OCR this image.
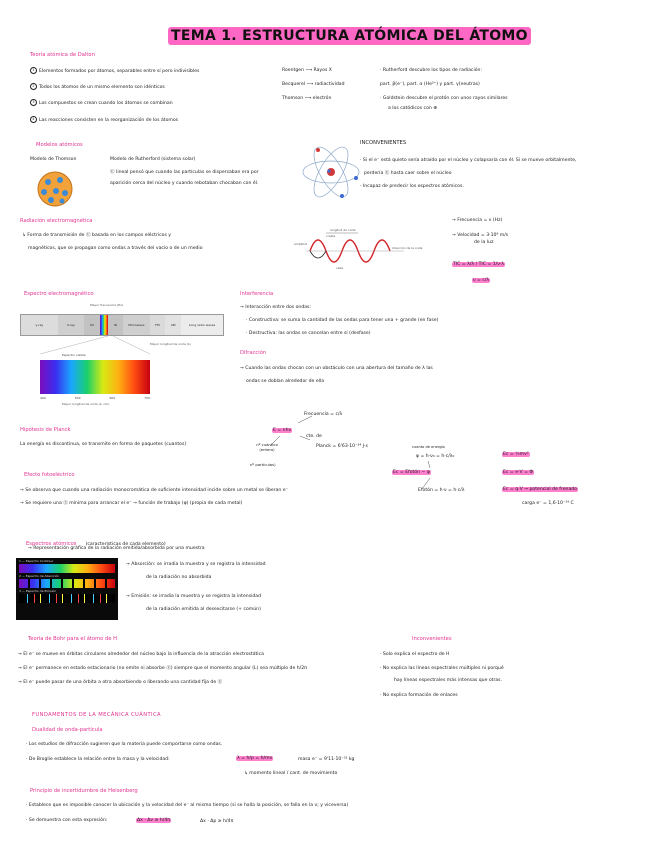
TEMA 1. ESTRUCTURA ATÓMICA DEL ÁTOMO
Teoría atómica de Dalton
1 Elementos formados por átomos, separables entre sí pero indivisibles
2 Todos los átomos de un mismo elemento son idénticos
3 Los compuestos se crean cuando los átomos se combinan
4 Las reacciones consisten en la reorganización de los átomos
Roentgen ⟶ Rayos X
Becquerel ⟶ radiactividad
Thomson ⟶ electrón
· Rutherford descubre los tipos de radiación:
part. β(e⁻), part. α (He²⁺) y part. γ(neutras)
· Goldstein descubre el protón con unos rayos similares
a los catódicos con ⊕
Modelos atómicos
Modelo de Thomson	Modelo de Rutherford (sistema solar)
Ⓔ lineal pensó que cuando las partículas se dispersaban era por
aparición cerca del núcleo y cuando rebotaban chocaban con él.
INCONVENIENTES
· Si el e⁻ está quieto sería atraído por el núcleo y colapsaría con él. Si se mueve orbitalmente,
perdería Ⓔ hasta caer sobre el núcleo
· Incapaz de predecir los espectros atómicos.
Radiación electromagnética
↳ Forma de transmisión de Ⓔ basada en los campos eléctricos y
magnéticos, que se propagan como ondas a través del vacío o de un medio
longitud de onda
amplitud
cresta
dirección de la onda
valle
→ Frecuencia = ν (Hz)
→ Velocidad = 3·10⁸ m/s
de la luz
TIC = λ/λ / TIC = 1/ν·λ
ν = c/λ
Espectro electromagnético
Mayor frecuencia (Hz)
γ-ray	X-ray	UV	IR	Microwave	FM	AM	Long radio waves
Mayor longitud de onda (λ)
Espectro visible
400	500	600	700
Mayor longitud de onda (λ, nm)
Interferencia
→ Interacción entre dos ondas:
· Constructiva: se suma la cantidad de las ondas para tener una + grande (en fase)
· Destructiva: las ondas se cancelan entre sí (desfase)
Difracción
→ Cuando las ondas chocan con un obstáculo con una abertura del tamaño de λ las
ondas se doblan alrededor de ella
Hipótesis de Planck
La energía es discontinua, se transmite en forma de paquetes (cuantos)
Frecuencia = c/λ
E = nhν
cte. de
Planck = 6'63·10⁻³⁴ J·s
nº cuántico (entero)
nº partículas)
Efecto fotoeléctrico
→ Se observa que cuando una radiación monocromática de suficiente intensidad incide sobre un metal se liberan e⁻
→ Se requiere una Ⓔ mínima para arrancar el e⁻ → función de trabajo (φ) (propia de cada metal)
cuanto de energía
φ = h·ν₀ = h·c/λ₀
Ec = Efotón − φ
Efotón = h·ν = h·c/λ
Ec = ½mv²
Ec = e·V = Φ
Ec = q·V → potencial de frenado
carga e⁻ = 1,6·10⁻¹⁹ C
Espectros atómicos (características de cada elemento)
→ Representación gráfica de la radiación emitida/absorbida por una muestra
1 — Espectro Continuo
2 — Espectro de Absorción
3 — Espectro de Emisión
→ Absorción: se irradia la muestra y se registra la intensidad
de la radiación no absorbida
→ Emisión: se irradia la muestra y se registra la intensidad
de la radiación emitida al desexcitarse (+ común)
Teoría de Bohr para el átomo de H
→ El e⁻ se mueve en órbitas circulares alrededor del núcleo bajo la influencia de la atracción electrostática
→ El e⁻ permanece en estado estacionario (no emite ni absorbe Ⓔ) siempre que el momento angular (L) sea múltiplo de h/2π
→ El e⁻ puede pasar de una órbita a otra absorbiendo o liberando una cantidad fija de Ⓔ
Inconvenientes
· Solo explica el espectro de H
· No explica las líneas espectrales múltiples ni porqué
hay líneas espectrales más intensas que otras.
· No explica formación de enlaces
FUNDAMENTOS DE LA MECÁNICA CUÁNTICA
Dualidad de onda-partícula
· Los estudios de difracción sugieren que la materia puede comportarse como ondas.
· De Broglie establece la relación entre la masa y la velocidad:	λ = h/p = h/mv	masa e⁻ = 9'11·10⁻³¹ kg
↳ momento lineal / cant. de movimiento
Principio de incertidumbre de Heisenberg
· Establece que es imposible conocer la ubicación y la velocidad del e⁻ al mismo tiempo (si se halla la posición, se falla en la v; y viceversa)
· Se demuestra con esta expresión:	Δx · Δv ≥ h/4π	Δx · Δp ≥ h/4π
